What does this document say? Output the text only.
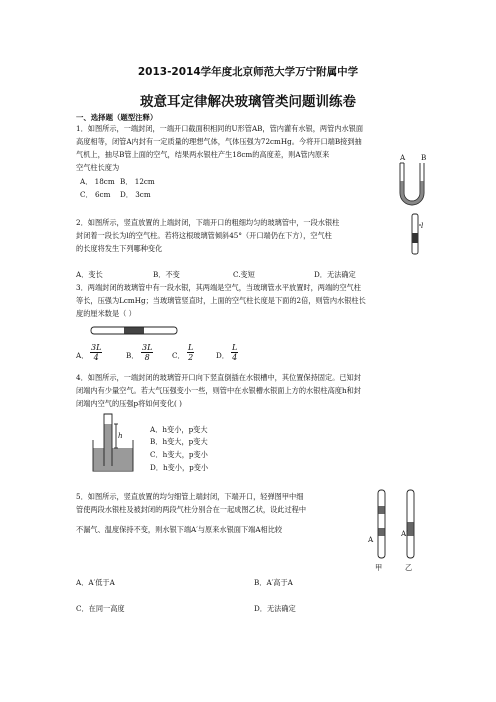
2013-2014学年度北京师范大学万宁附属中学
玻意耳定律解决玻璃管类问题训练卷
一、选择题（题型注释）
1．如图所示，一端封闭，一端开口截面积相同的U形管AB，管内灌有水银，两管内水银面
高度相等，闭管A内封有一定质量的理想气体，气体压强为72cmHg。今将开口端B接到抽
气机上，抽尽B管上面的空气，结果两水银柱产生18cm的高度差，则A管内原来
空气柱长度为
A． 18cm B． 12cm
C． 6cm D． 3cm
A B
2．如图所示，竖直放置的上端封闭，下端开口的粗细均匀的玻璃管中，一段水银柱
封闭着一段长为l的空气柱。若将这根玻璃管倾斜45°（开口端仍在下方），空气柱
的长度将发生下列哪种变化
l
A．变长	B．不变	C.变短	D．无法确定
3．两端封闭的玻璃管中有一段水银，其两端是空气，当玻璃管水平放置时，两端的空气柱
等长，压强为LcmHg；当玻璃管竖直时，上面的空气柱长度是下面的2倍，则管内水银柱长
度的厘米数是（ ）
A． $\frac{3L}{4}$	B． $\frac{3L}{8}$	C． $\frac{L}{2}$	D． $\frac{L}{4}$
4．如图所示，一端封闭的玻璃管开口向下竖直倒插在水银槽中，其位置保持固定。已知封
闭端内有少量空气。若大气压强变小一些，则管中在水银槽水银面上方的水银柱高度h和封
闭端内空气的压强p将如何变化( )
h
A．h变小，p变大
B．h变大，p变大
C．h变大，p变小
D．h变小，p变小
5．如图所示，竖直放置的均匀细管上端封闭，下端开口，轻弹图甲中细
管使两段水银柱及被封闭的两段气柱分别合在一起成图乙状，设此过程中
不漏气、温度保持不变，则水银下端A′与原来水银面下端A相比较
A
A′
甲	乙
A．A′低于A	B．A′高于A
C．在同一高度	D．无法确定
